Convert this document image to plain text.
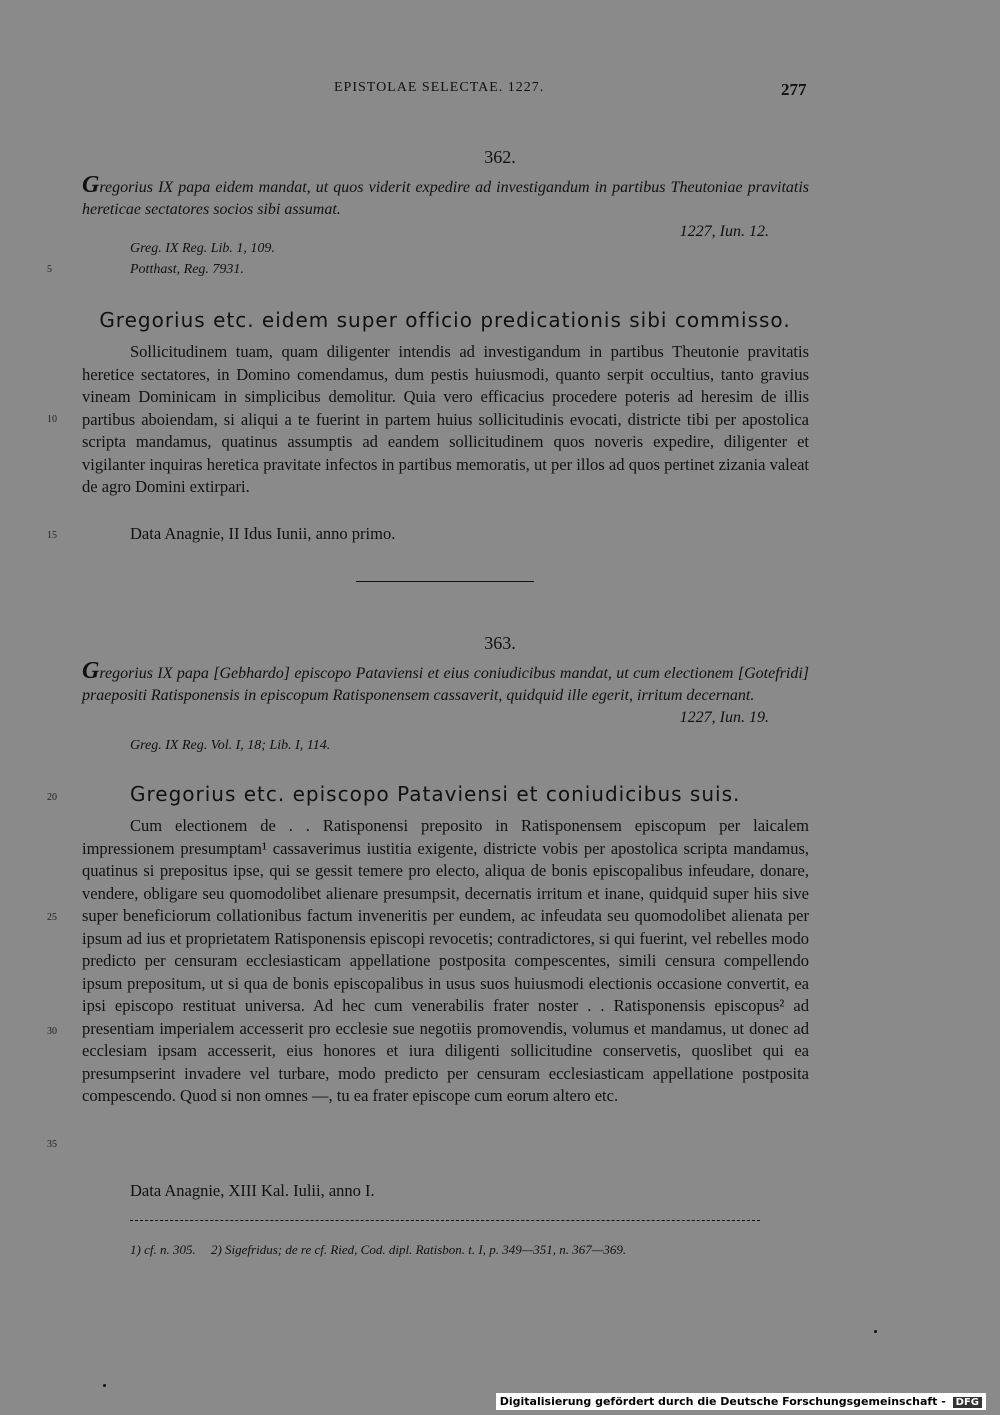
EPISTOLAE SELECTAE. 1227.	277
362.
Gregorius IX papa eidem mandat, ut quos viderit expedire ad investigandum in partibus Theutoniae pravitatis hereticae sectatores socios sibi assumat.

1227, Iun. 12.
Greg. IX Reg. Lib. 1, 109.
Potthast, Reg. 7931.
Gregorius etc. eidem super officio predicationis sibi commisso.

Sollicitudinem tuam, quam diligenter intendis ad investigandum in partibus Theutonie pravitatis heretice sectatores, in Domino comendamus, dum pestis huiusmodi, quanto serpit occultius, tanto gravius vineam Dominicam in simplicibus demolitur. Quia vero efficacius procedere poteris ad heresim de illis partibus aboiendam, si aliqui a te fuerint in partem huius sollicitudinis evocati, districte tibi per apostolica scripta mandamus, quatinus assumptis ad eandem sollicitudinem quos noveris expedire, diligenter et vigilanter inquiras heretica pravitate infectos in partibus memoratis, ut per illos ad quos pertinet zizania valeat de agro Domini extirpari.

Data Anagnie, II Idus Iunii, anno primo.
363.
Gregorius IX papa [Gebhardo] episcopo Pataviensi et eius coniudicibus mandat, ut cum electionem [Gotefridi] praepositi Ratisponensis in episcopum Ratisponensem cassaverit, quidquid ille egerit, irritum decernant.
1227, Iun. 19.
Greg. IX Reg. Vol. I, 18; Lib. I, 114.
Gregorius etc. episcopo Pataviensi et coniudicibus suis.

Cum electionem de . . Ratisponensi preposito in Ratisponensem episcopum per laicalem impressionem presumptam¹ cassaverimus iustitia exigente, districte vobis per apostolica scripta mandamus, quatinus si prepositus ipse, qui se gessit temere pro electo, aliqua de bonis episcopalibus infeudare, donare, vendere, obligare seu quomodolibet alienare presumpsit, decernatis irritum et inane, quidquid super hiis sive super beneficiorum collationibus factum inveneritis per eundem, ac infeudata seu quomodolibet alienata per ipsum ad ius et proprietatem Ratisponensis episcopi revocetis; contradictores, si qui fuerint, vel rebelles modo predicto per censuram ecclesiasticam appellatione postposita compescentes, simili censura compellendo ipsum prepositum, ut si qua de bonis episcopalibus in usus suos huiusmodi electionis occasione convertit, ea ipsi episcopo restituat universa. Ad hec cum venerabilis frater noster . . Ratisponensis episcopus² ad presentiam imperialem accesserit pro ecclesie sue negotiis promovendis, volumus et mandamus, ut donec ad ecclesiam ipsam accesserit, eius honores et iura diligenti sollicitudine conservetis, quoslibet qui ea presumpserint invadere vel turbare, modo predicto per censuram ecclesiasticam appellatione postposita compescendo. Quod si non omnes —, tu ea frater episcope cum eorum altero etc.

Data Anagnie, XIII Kal. Iulii, anno I.
5
10
15
20
25
30
35
1) cf. n. 305. 2) Sigefridus; de re cf. Ried, Cod. dipl. Ratisbon. t. I, p. 349—351, n. 367—369.
Digitalisierung gefördert durch die Deutsche Forschungsgemeinschaft - DFG
